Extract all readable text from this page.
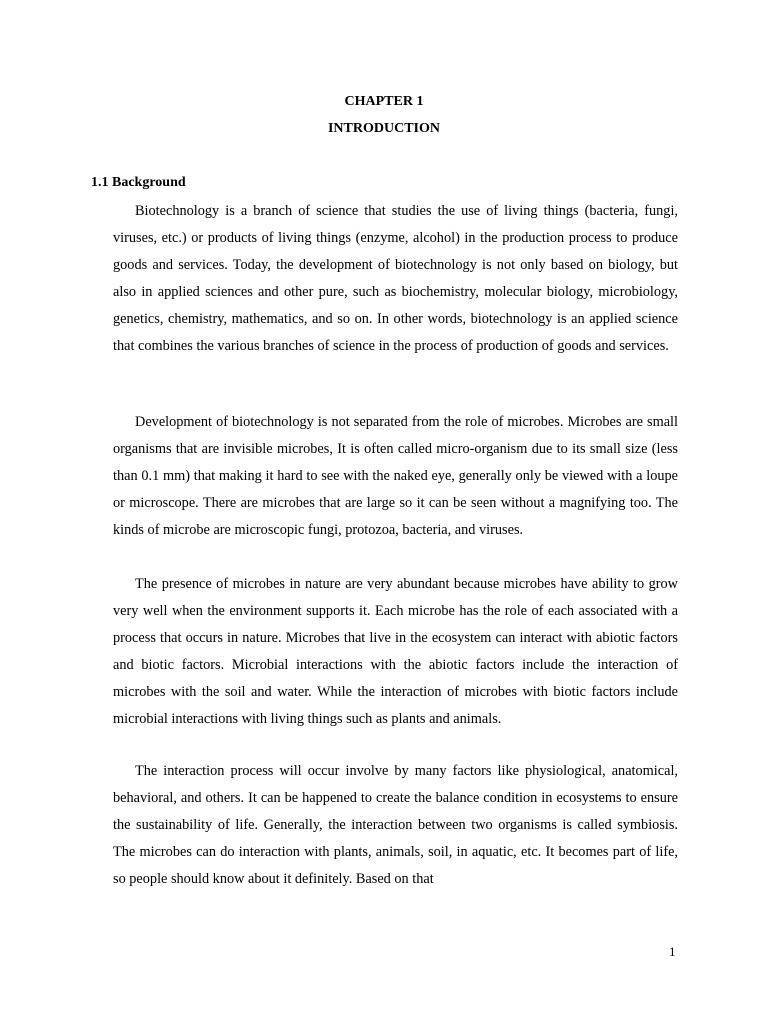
CHAPTER 1
INTRODUCTION
1.1 Background

Biotechnology is a branch of science that studies the use of living things (bacteria, fungi, viruses, etc.) or products of living things (enzyme, alcohol) in the production process to produce goods and services. Today, the development of biotechnology is not only based on biology, but also in applied sciences and other pure, such as biochemistry, molecular biology, microbiology, genetics, chemistry, mathematics, and so on. In other words, biotechnology is an applied science that combines the various branches of science in the process of production of goods and services.

Development of biotechnology is not separated from the role of microbes. Microbes are small organisms that are invisible microbes, It is often called micro-organism due to its small size (less than 0.1 mm) that making it hard to see with the naked eye, generally only be viewed with a loupe or microscope. There are microbes that are large so it can be seen without a magnifying too. The kinds of microbe are microscopic fungi, protozoa, bacteria, and viruses.

The presence of microbes in nature are very abundant because microbes have ability to grow very well when the environment supports it. Each microbe has the role of each associated with a process that occurs in nature. Microbes that live in the ecosystem can interact with abiotic factors and biotic factors. Microbial interactions with the abiotic factors include the interaction of microbes with the soil and water. While the interaction of microbes with biotic factors include microbial interactions with living things such as plants and animals.

The interaction process will occur involve by many factors like physiological, anatomical, behavioral, and others. It can be happened to create the balance condition in ecosystems to ensure the sustainability of life. Generally, the interaction between two organisms is called symbiosis. The microbes can do interaction with plants, animals, soil, in aquatic, etc. It becomes part of life, so people should know about it definitely. Based on that

1
